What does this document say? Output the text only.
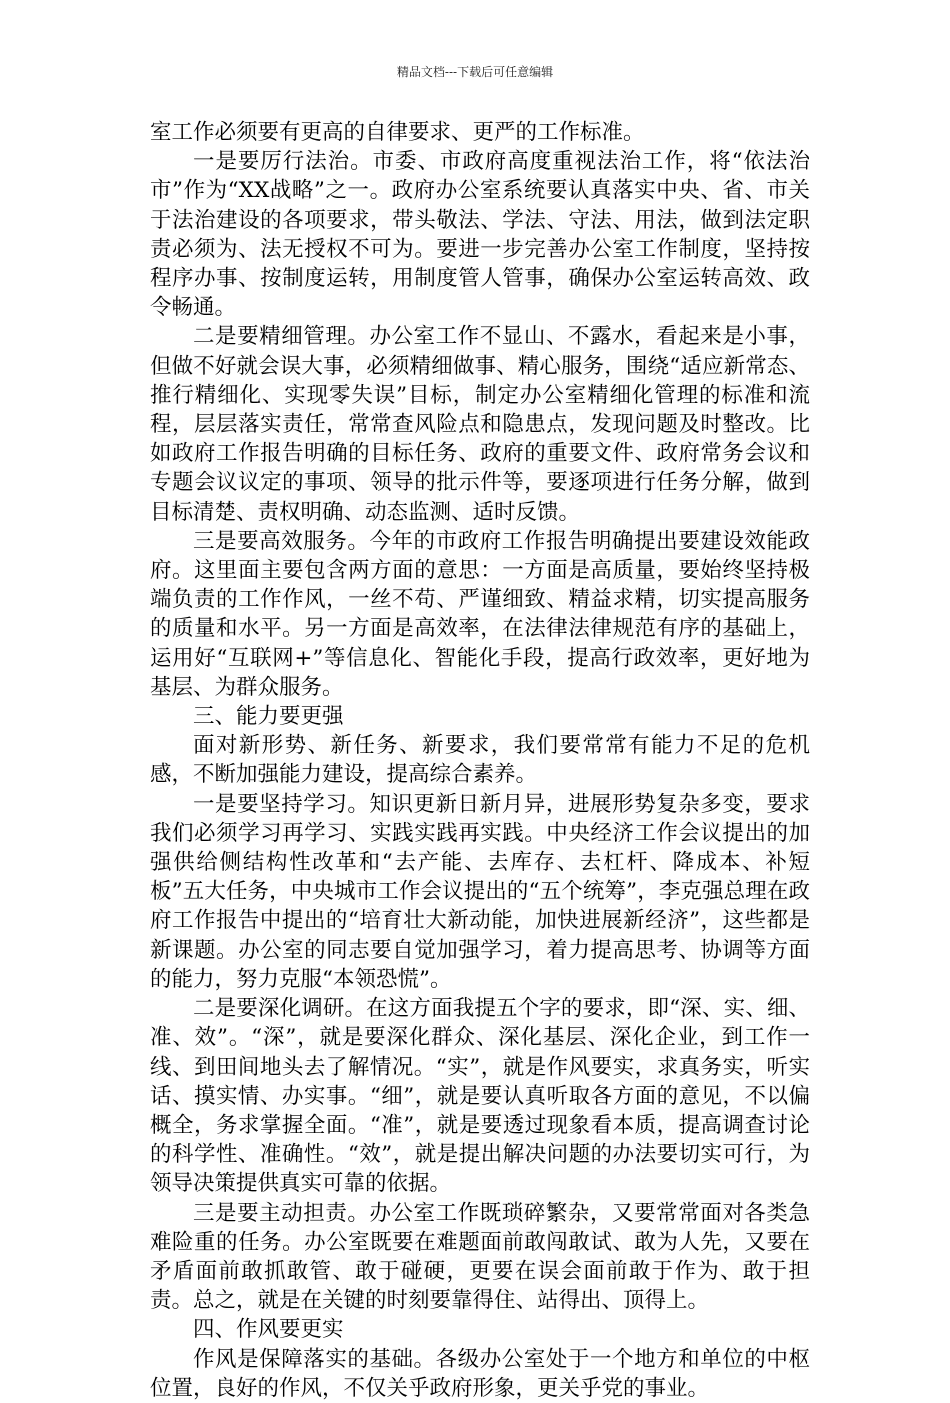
精品文档---下载后可任意编辑

室工作必须要有更高的自律要求、更严的工作标准。

一是要厉行法治。市委、市政府高度重视法治工作，将“依法治市”作为“XX战略”之一。政府办公室系统要认真落实中央、省、市关于法治建设的各项要求，带头敬法、学法、守法、用法，做到法定职责必须为、法无授权不可为。要进一步完善办公室工作制度，坚持按程序办事、按制度运转，用制度管人管事，确保办公室运转高效、政令畅通。

二是要精细管理。办公室工作不显山、不露水，看起来是小事，但做不好就会误大事，必须精细做事、精心服务，围绕“适应新常态、推行精细化、实现零失误”目标，制定办公室精细化管理的标准和流程，层层落实责任，常常查风险点和隐患点，发现问题及时整改。比如政府工作报告明确的目标任务、政府的重要文件、政府常务会议和专题会议议定的事项、领导的批示件等，要逐项进行任务分解，做到目标清楚、责权明确、动态监测、适时反馈。

三是要高效服务。今年的市政府工作报告明确提出要建设效能政府。这里面主要包含两方面的意思：一方面是高质量，要始终坚持极端负责的工作作风，一丝不苟、严谨细致、精益求精，切实提高服务的质量和水平。另一方面是高效率，在法律法律规范有序的基础上，运用好“互联网+”等信息化、智能化手段，提高行政效率，更好地为基层、为群众服务。

三、能力要更强

面对新形势、新任务、新要求，我们要常常有能力不足的危机感，不断加强能力建设，提高综合素养。

一是要坚持学习。知识更新日新月异，进展形势复杂多变，要求我们必须学习再学习、实践实践再实践。中央经济工作会议提出的加强供给侧结构性改革和“去产能、去库存、去杠杆、降成本、补短板”五大任务，中央城市工作会议提出的“五个统筹”，李克强总理在政府工作报告中提出的“培育壮大新动能，加快进展新经济”，这些都是新课题。办公室的同志要自觉加强学习，着力提高思考、协调等方面的能力，努力克服“本领恐慌”。

二是要深化调研。在这方面我提五个字的要求，即“深、实、细、准、效”。“深”，就是要深化群众、深化基层、深化企业，到工作一线、到田间地头去了解情况。“实”，就是作风要实，求真务实，听实话、摸实情、办实事。“细”，就是要认真听取各方面的意见，不以偏概全，务求掌握全面。“准”，就是要透过现象看本质，提高调查讨论的科学性、准确性。“效”，就是提出解决问题的办法要切实可行，为领导决策提供真实可靠的依据。

三是要主动担责。办公室工作既琐碎繁杂，又要常常面对各类急难险重的任务。办公室既要在难题面前敢闯敢试、敢为人先，又要在矛盾面前敢抓敢管、敢于碰硬，更要在误会面前敢于作为、敢于担责。总之，就是在关键的时刻要靠得住、站得出、顶得上。

四、作风要更实

作风是保障落实的基础。各级办公室处于一个地方和单位的中枢位置，良好的作风，不仅关乎政府形象，更关乎党的事业。
